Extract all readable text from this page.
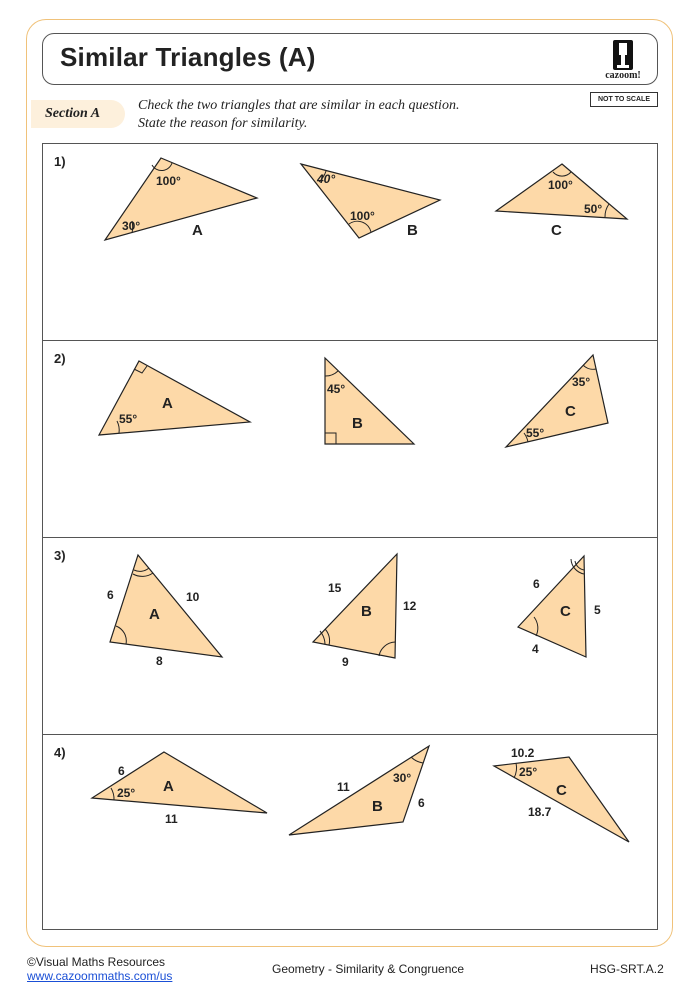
Similar Triangles (A)
cazoom!
Section A
Check the two triangles that are similar in each question.
State the reason for similarity.
NOT TO SCALE
1)
100°
30°	A
40°
100°
B
100°
50°
C
2)
55°
A
45°
B
35°
55°
C
3)
6	10
8
A
15
12
9
B
6
5
4
C
4)
6
25°
11
A	11
30°
6
B
10.2
25°
18.7
C
©Visual Maths Resources
www.cazoommaths.com/us	Geometry - Similarity & Congruence	HSG-SRT.A.2
